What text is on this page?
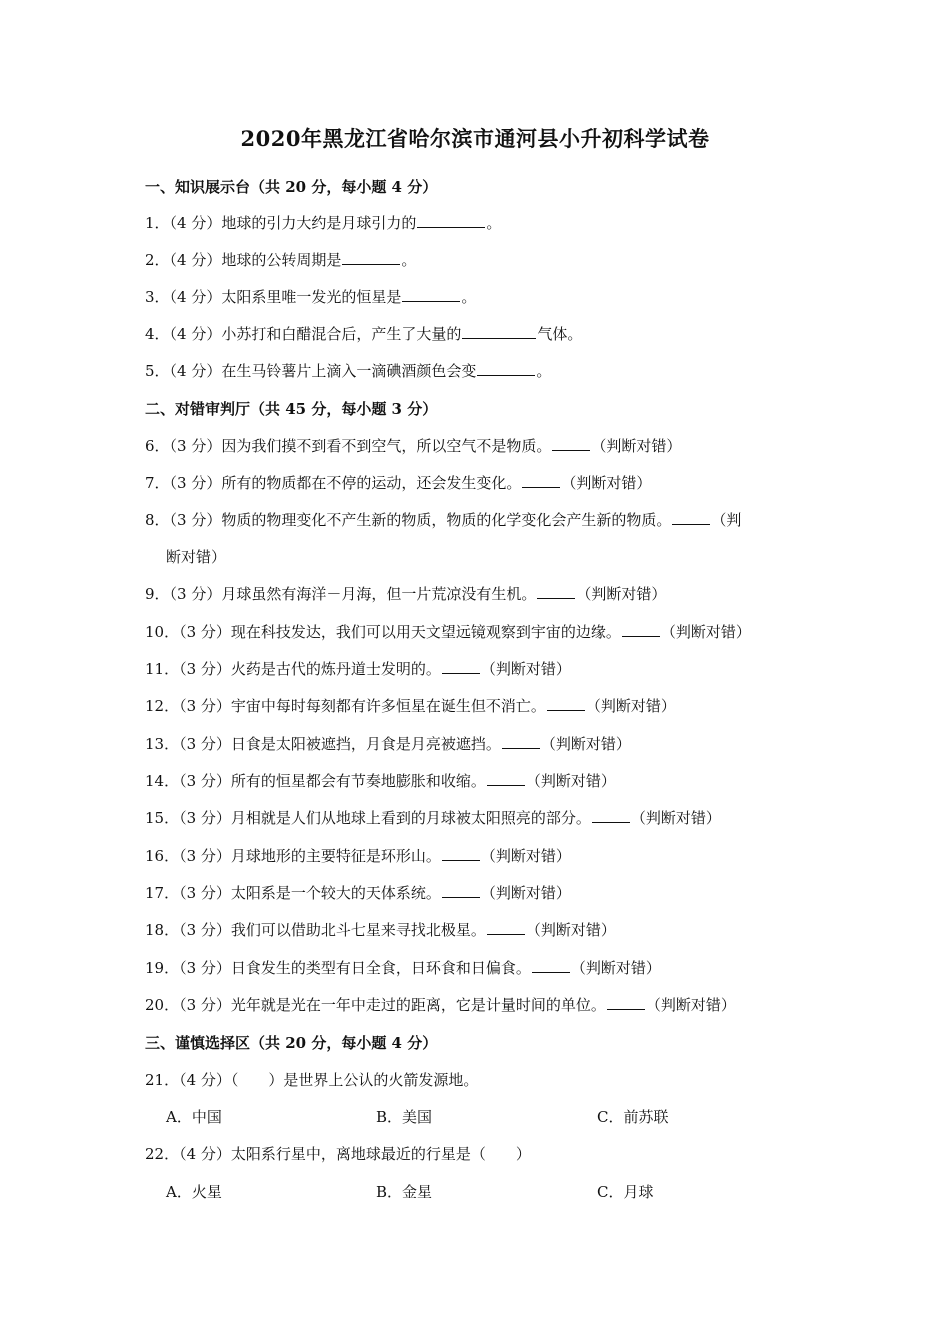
2020年黑龙江省哈尔滨市通河县小升初科学试卷
一、知识展示台（共 20 分，每小题 4 分）
1．（4 分）地球的引力大约是月球引力的	。
2．（4 分）地球的公转周期是	。
3．（4 分）太阳系里唯一发光的恒星是	。
4．（4 分）小苏打和白醋混合后，产生了大量的	气体。
5．（4 分）在生马铃薯片上滴入一滴碘酒颜色会变	。
二、对错审判厅（共 45 分，每小题 3 分）
6．（3 分）因为我们摸不到看不到空气，所以空气不是物质。	（判断对错）
7．（3 分）所有的物质都在不停的运动，还会发生变化。	（判断对错）
8．（3 分）物质的物理变化不产生新的物质，物质的化学变化会产生新的物质。	（判
断对错）
9．（3 分）月球虽然有海洋－月海，但一片荒凉没有生机。	（判断对错）
10．（3 分）现在科技发达，我们可以用天文望远镜观察到宇宙的边缘。	（判断对错）
11．（3 分）火药是古代的炼丹道士发明的。	（判断对错）
12．（3 分）宇宙中每时每刻都有许多恒星在诞生但不消亡。	（判断对错）
13．（3 分）日食是太阳被遮挡，月食是月亮被遮挡。	（判断对错）
14．（3 分）所有的恒星都会有节奏地膨胀和收缩。	（判断对错）
15．（3 分）月相就是人们从地球上看到的月球被太阳照亮的部分。	（判断对错）
16．（3 分）月球地形的主要特征是环形山。	（判断对错）
17．（3 分）太阳系是一个较大的天体系统。	（判断对错）
18．（3 分）我们可以借助北斗七星来寻找北极星。	（判断对错）
19．（3 分）日食发生的类型有日全食，日环食和日偏食。	（判断对错）
20．（3 分）光年就是光在一年中走过的距离，它是计量时间的单位。	（判断对错）
三、谨慎选择区（共 20 分，每小题 4 分）
21．（4 分）（　　）是世界上公认的火箭发源地。
A．中国	B．美国	C．前苏联
22．（4 分）太阳系行星中，离地球最近的行星是（　　）
A．火星	B．金星	C．月球
